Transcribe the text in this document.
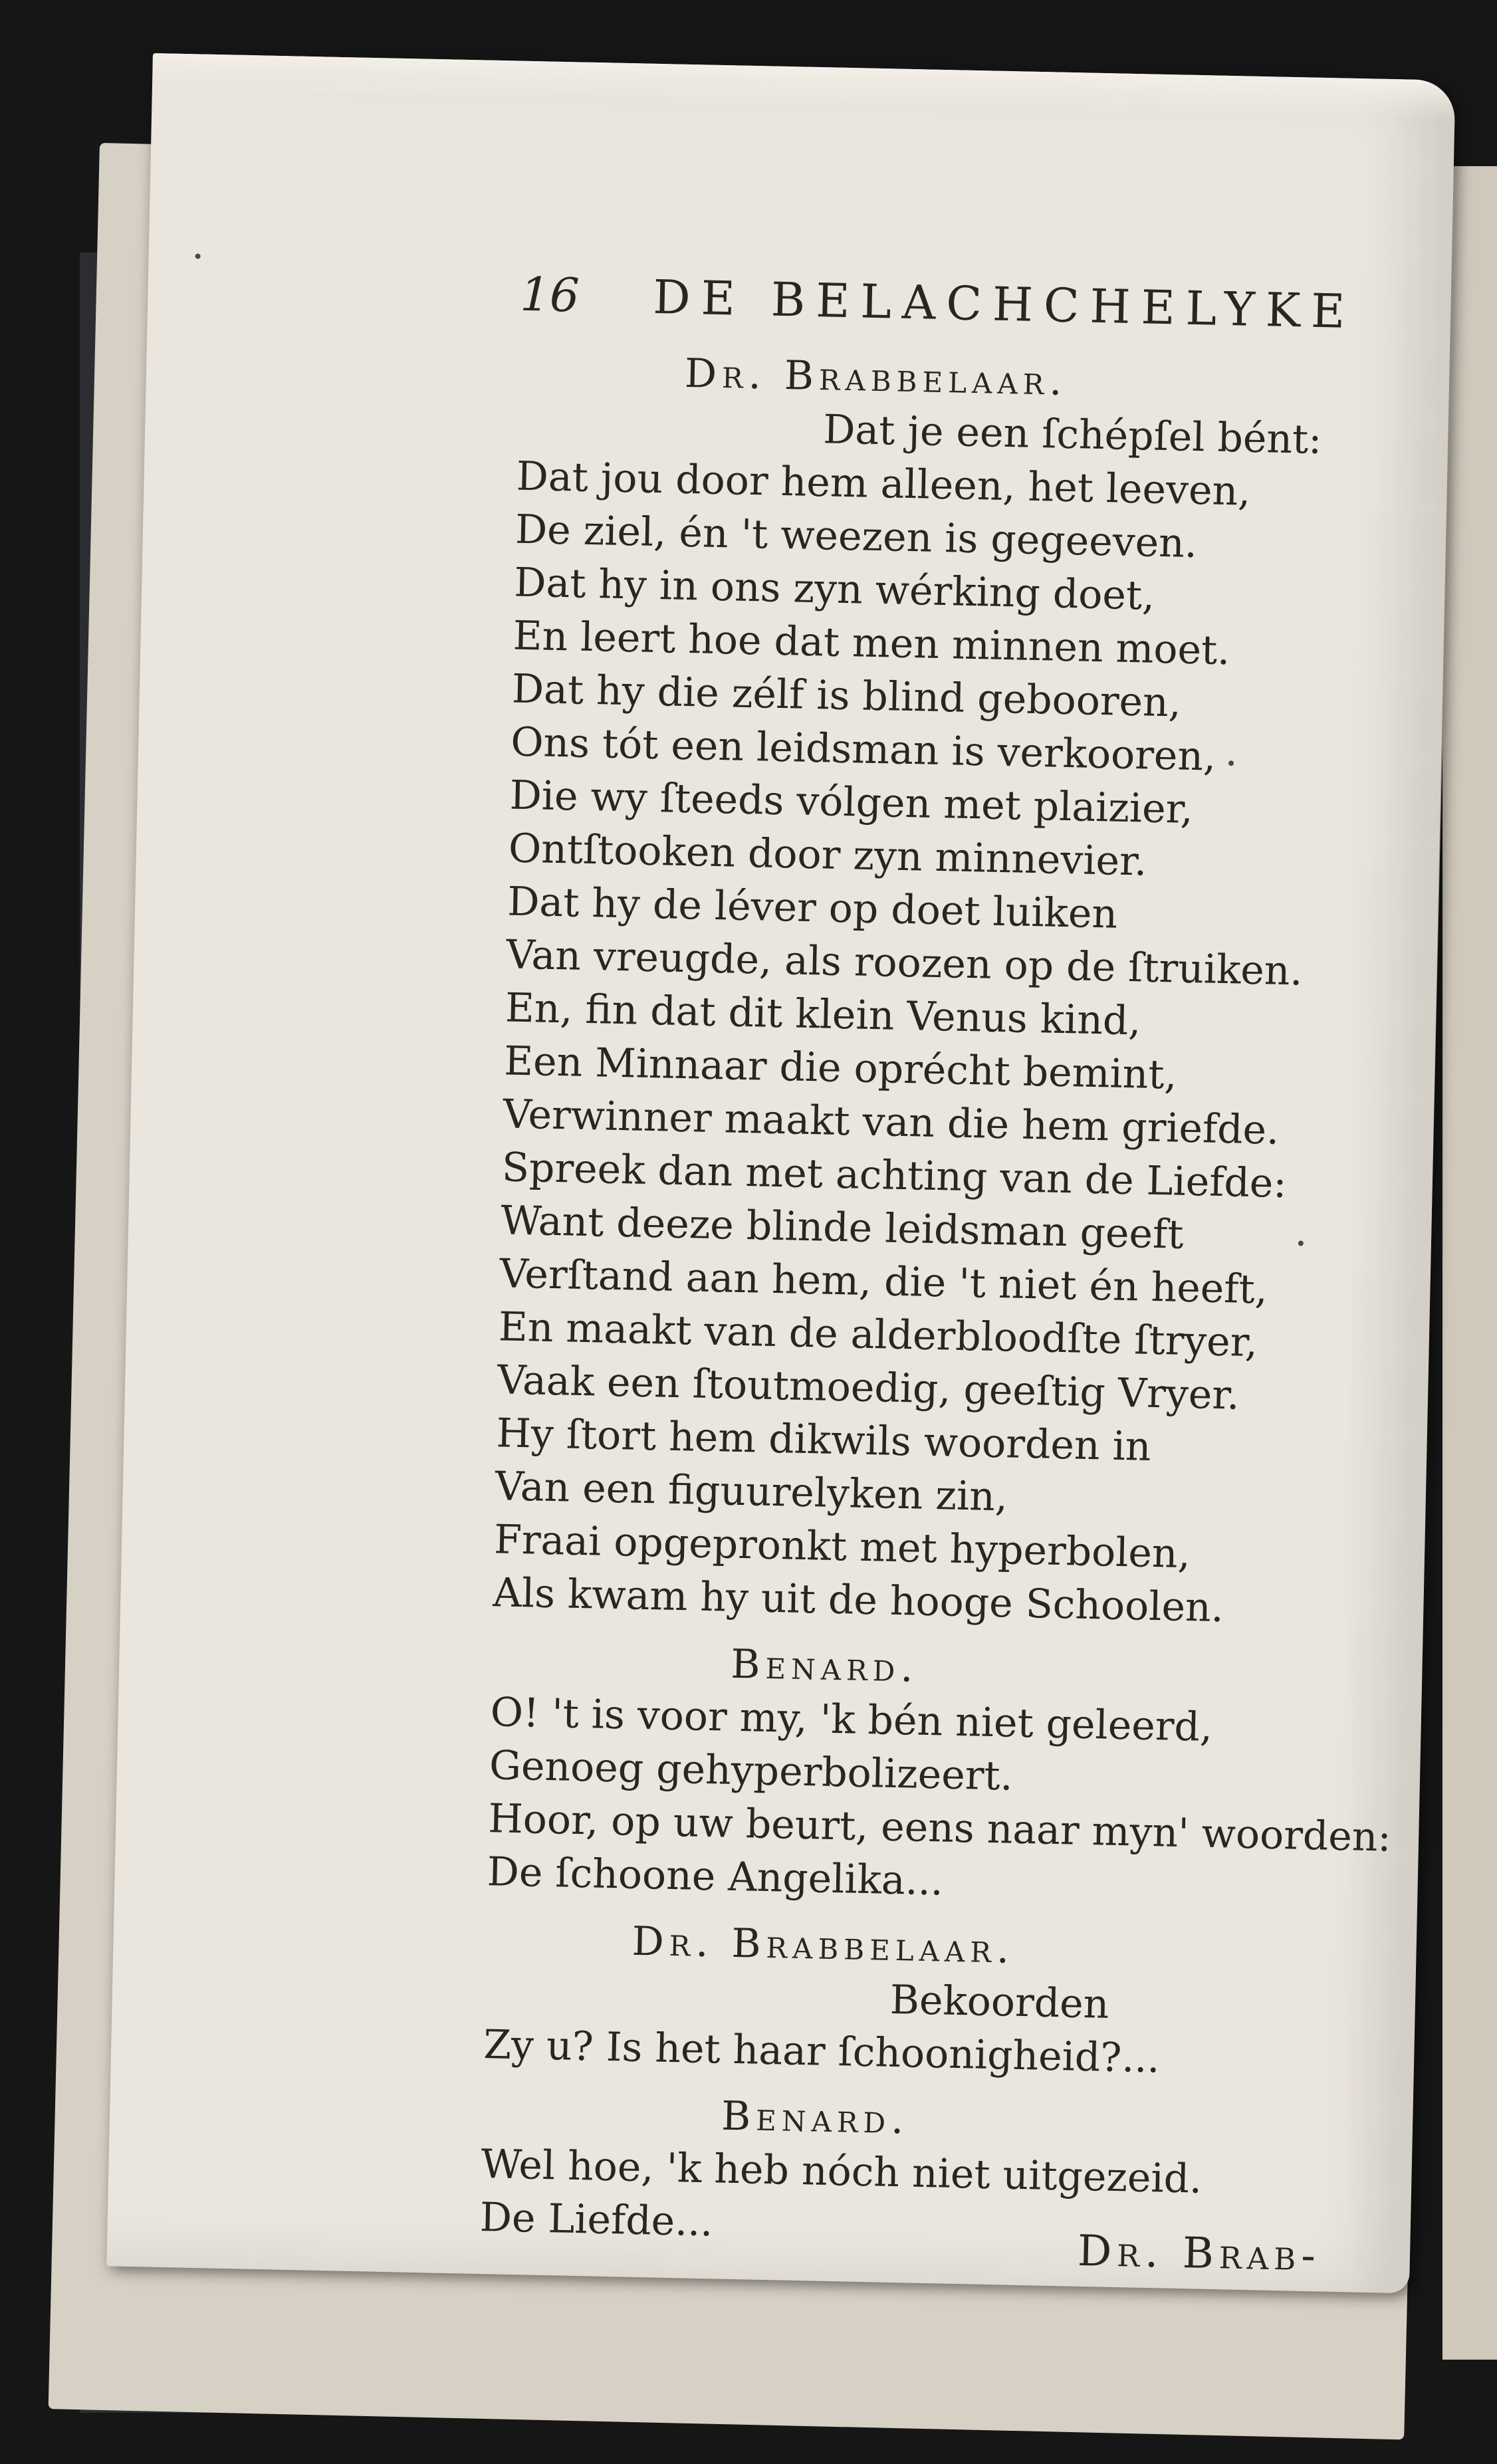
16 DE BELACHCHELYKE
Dr. Brabbelaar.
Dat je een ſchépſel bént:
Dat jou door hem alleen, het leeven,
De ziel, én 't weezen is gegeeven.
Dat hy in ons zyn wérking doet,
En leert hoe dat men minnen moet.
Dat hy die zélf is blind gebooren,
Ons tót een leidsman is verkooren,
Die wy ſteeds vólgen met plaizier,
Ontſtooken door zyn minnevier.
Dat hy de léver op doet luiken
Van vreugde, als roozen op de ſtruiken.
En, fin dat dit klein Venus kind,
Een Minnaar die oprécht bemint,
Verwinner maakt van die hem griefde.
Spreek dan met achting van de Liefde:
Want deeze blinde leidsman geeft
Verſtand aan hem, die 't niet én heeft,
En maakt van de alderbloodſte ſtryer,
Vaak een ſtoutmoedig, geeſtig Vryer.
Hy ſtort hem dikwils woorden in
Van een figuurelyken zin,
Fraai opgepronkt met hyperbolen,
Als kwam hy uit de hooge Schoolen.
Benard.
O! 't is voor my, 'k bén niet geleerd,
Genoeg gehyperbolizeert.
Hoor, op uw beurt, eens naar myn' woorden:
De ſchoone Angelika...
Dr. Brabbelaar.
Bekoorden
Zy u? Is het haar ſchoonigheid?...
Benard.
Wel hoe, 'k heb nóch niet uitgezeid.
De Liefde...
Dr. Brab-
